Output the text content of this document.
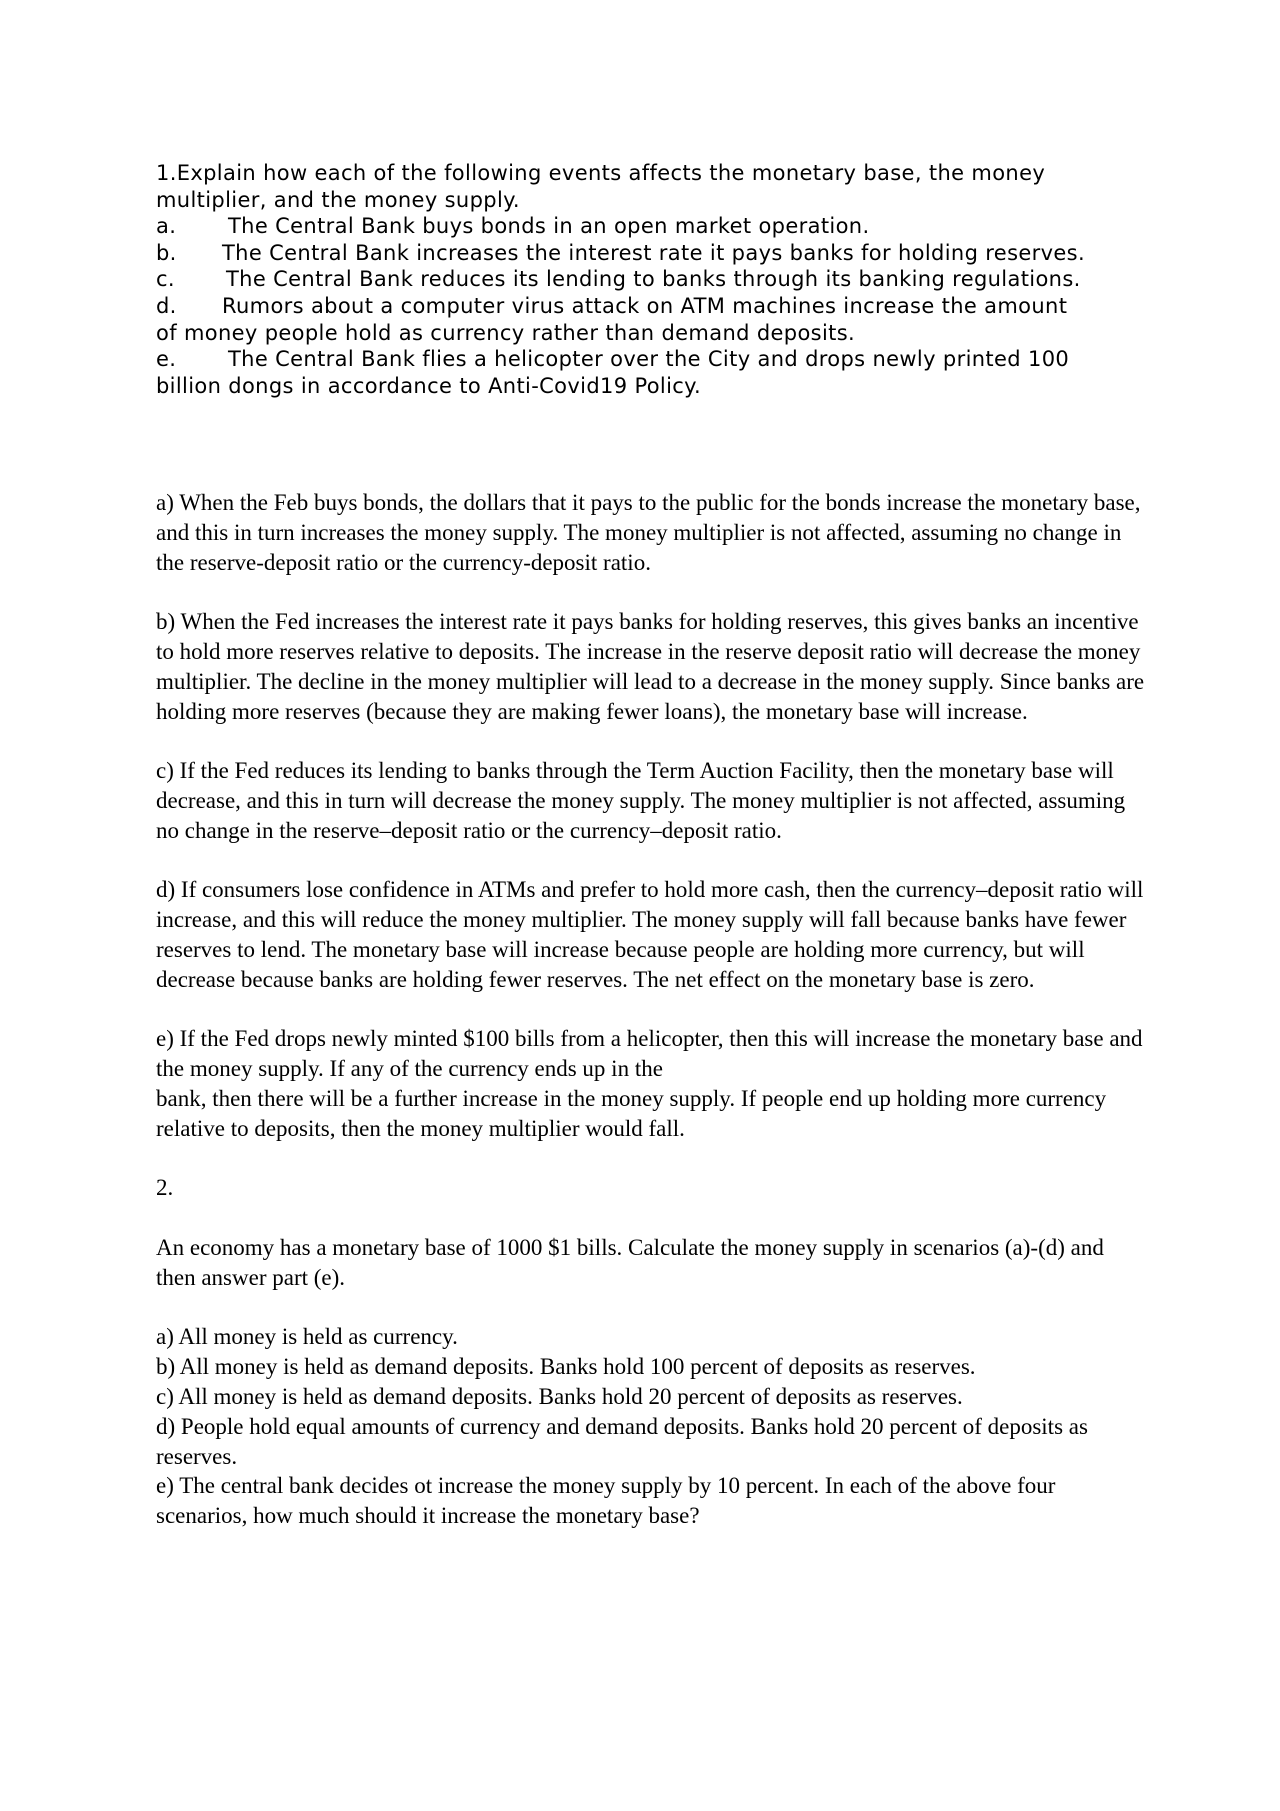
1.Explain how each of the following events affects the monetary base, the money

multiplier, and the money supply.

a. The Central Bank buys bonds in an open market operation.

b. The Central Bank increases the interest rate it pays banks for holding reserves.

c. The Central Bank reduces its lending to banks through its banking regulations.

d. Rumors about a computer virus attack on ATM machines increase the amount

of money people hold as currency rather than demand deposits.

e. The Central Bank flies a helicopter over the City and drops newly printed 100

billion dongs in accordance to Anti-Covid19 Policy.

a) When the Feb buys bonds, the dollars that it pays to the public for the bonds increase the monetary base, and this in turn increases the money supply. The money multiplier is not affected, assuming no change in the reserve-deposit ratio or the currency-deposit ratio.

b) When the Fed increases the interest rate it pays banks for holding reserves, this gives banks an incentive to hold more reserves relative to deposits. The increase in the reserve deposit ratio will decrease the money multiplier. The decline in the money multiplier will lead to a decrease in the money supply. Since banks are holding more reserves (because they are making fewer loans), the monetary base will increase.

c) If the Fed reduces its lending to banks through the Term Auction Facility, then the monetary base will decrease, and this in turn will decrease the money supply. The money multiplier is not affected, assuming no change in the reserve–deposit ratio or the currency–deposit ratio.

d) If consumers lose confidence in ATMs and prefer to hold more cash, then the currency–deposit ratio will increase, and this will reduce the money multiplier. The money supply will fall because banks have fewer reserves to lend. The monetary base will increase because people are holding more currency, but will decrease because banks are holding fewer reserves. The net effect on the monetary base is zero.

e) If the Fed drops newly minted $100 bills from a helicopter, then this will increase the monetary base and the money supply. If any of the currency ends up in the
bank, then there will be a further increase in the money supply. If people end up holding more currency relative to deposits, then the money multiplier would fall.

2.

An economy has a monetary base of 1000 $1 bills. Calculate the money supply in scenarios (a)-(d) and then answer part (e).

a) All money is held as currency.

b) All money is held as demand deposits. Banks hold 100 percent of deposits as reserves.

c) All money is held as demand deposits. Banks hold 20 percent of deposits as reserves.

d) People hold equal amounts of currency and demand deposits. Banks hold 20 percent of deposits as reserves.

e) The central bank decides ot increase the money supply by 10 percent. In each of the above four scenarios, how much should it increase the monetary base?
